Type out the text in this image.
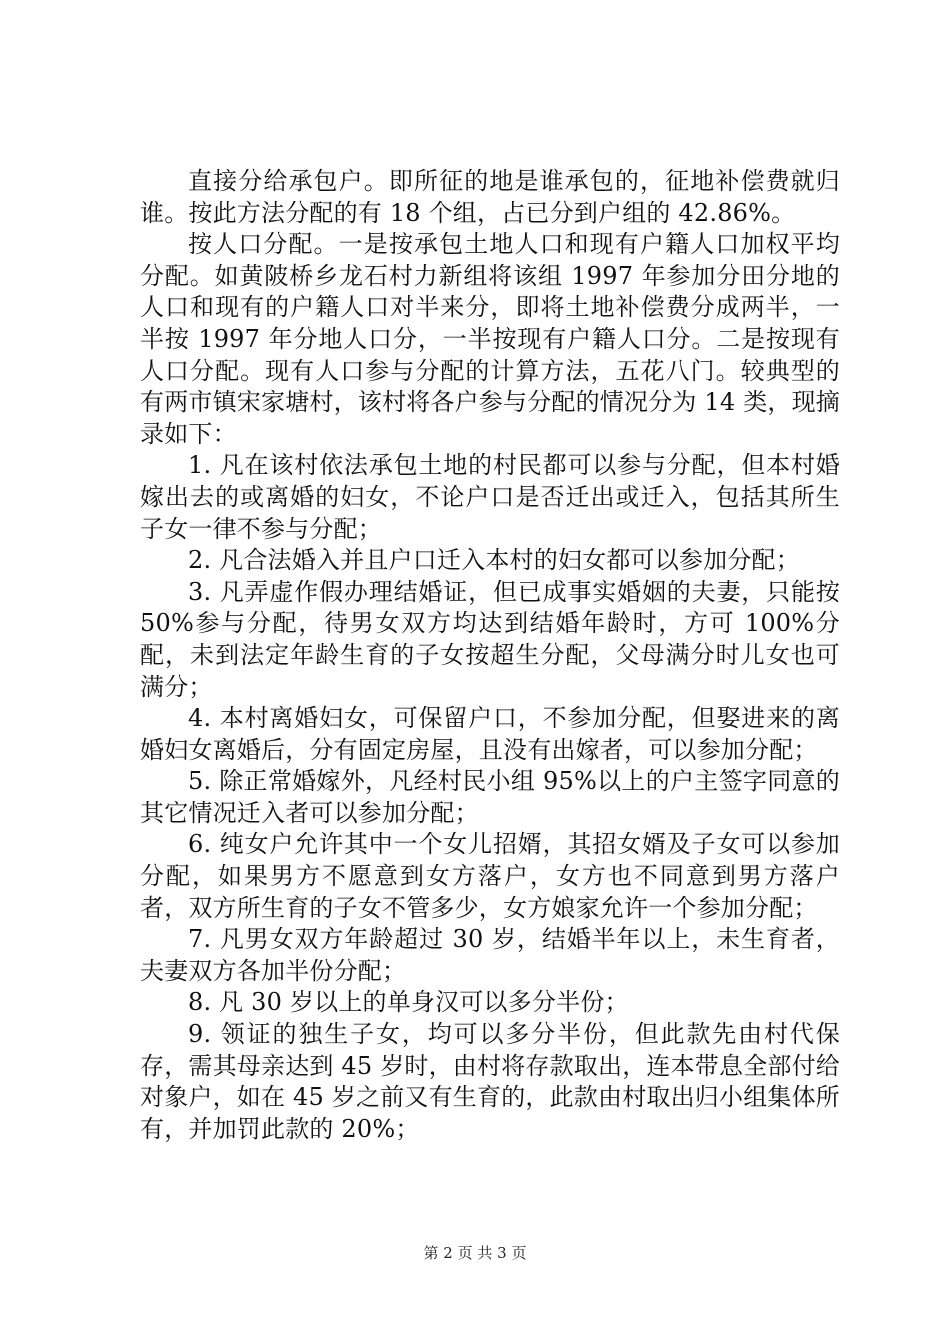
直接分给承包户。即所征的地是谁承包的，征地补偿费就归谁。按此方法分配的有 18 个组，占已分到户组的 42.86%。

按人口分配。一是按承包土地人口和现有户籍人口加权平均分配。如黄陂桥乡龙石村力新组将该组 1997 年参加分田分地的人口和现有的户籍人口对半来分，即将土地补偿费分成两半，一半按 1997 年分地人口分，一半按现有户籍人口分。二是按现有人口分配。现有人口参与分配的计算方法，五花八门。较典型的有两市镇宋家塘村，该村将各户参与分配的情况分为 14 类，现摘录如下：

1. 凡在该村依法承包土地的村民都可以参与分配，但本村婚嫁出去的或离婚的妇女，不论户口是否迁出或迁入，包括其所生子女一律不参与分配；

2. 凡合法婚入并且户口迁入本村的妇女都可以参加分配；

3. 凡弄虚作假办理结婚证，但已成事实婚姻的夫妻，只能按 50%参与分配，待男女双方均达到结婚年龄时，方可 100%分配，未到法定年龄生育的子女按超生分配，父母满分时儿女也可满分；

4. 本村离婚妇女，可保留户口，不参加分配，但娶进来的离婚妇女离婚后，分有固定房屋，且没有出嫁者，可以参加分配；

5. 除正常婚嫁外，凡经村民小组 95%以上的户主签字同意的其它情况迁入者可以参加分配；

6. 纯女户允许其中一个女儿招婿，其招女婿及子女可以参加分配，如果男方不愿意到女方落户，女方也不同意到男方落户者，双方所生育的子女不管多少，女方娘家允许一个参加分配；

7. 凡男女双方年龄超过 30 岁，结婚半年以上，未生育者，夫妻双方各加半份分配；

8. 凡 30 岁以上的单身汉可以多分半份；

9. 领证的独生子女，均可以多分半份，但此款先由村代保存，需其母亲达到 45 岁时，由村将存款取出，连本带息全部付给对象户，如在 45 岁之前又有生育的，此款由村取出归小组集体所有，并加罚此款的 20%；

第 2 页 共 3 页
